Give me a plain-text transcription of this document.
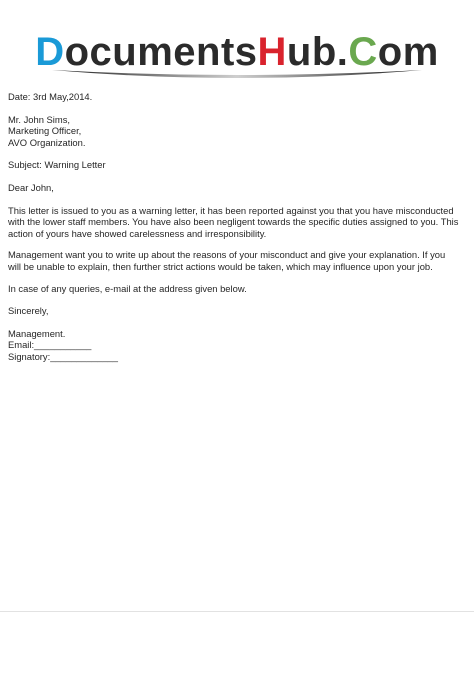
DocumentsHub.Com

Date: 3rd May,2014.

Mr. John Sims,

Marketing Officer,

AVO Organization.

Subject: Warning Letter

Dear John,

This letter is issued to you as a warning letter, it has been reported against you that you have misconducted with the lower staff members. You have also been negligent towards the specific duties assigned to you. This action of yours have showed carelessness and irresponsibility.

Management want you to write up about the reasons of your misconduct and give your explanation. If you will be unable to explain, then further strict actions would be taken, which may influence upon your job.

In case of any queries, e-mail at the address given below.

Sincerely,

Management.

Email:___________

Signatory:_____________
